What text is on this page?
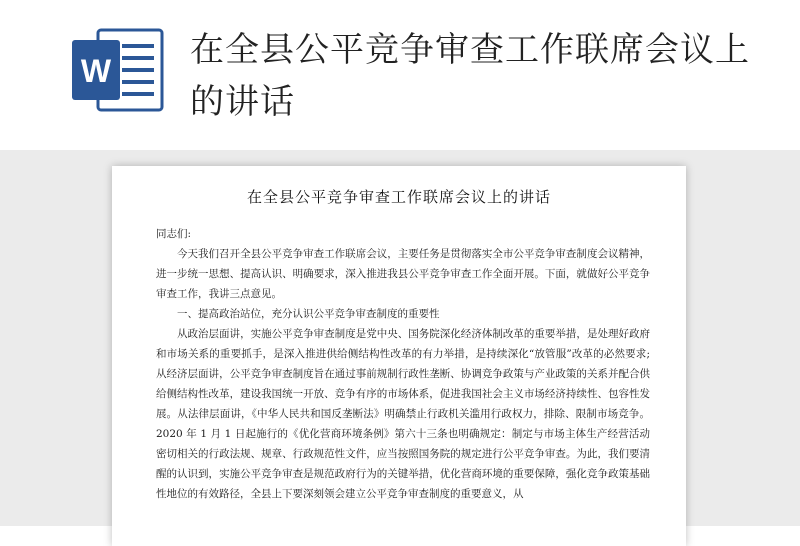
W
在全县公平竞争审查工作联席会议上的讲话
在全县公平竞争审查工作联席会议上的讲话

同志们:

今天我们召开全县公平竞争审查工作联席会议，主要任务是贯彻落实全市公平竞争审查制度会议精神，进一步统一思想、提高认识、明确要求，深入推进我县公平竞争审查工作全面开展。下面，就做好公平竞争审查工作，我讲三点意见。

一、提高政治站位，充分认识公平竞争审查制度的重要性

从政治层面讲，实施公平竞争审查制度是党中央、国务院深化经济体制改革的重要举措，是处理好政府和市场关系的重要抓手，是深入推进供给侧结构性改革的有力举措，是持续深化“放管服”改革的必然要求;从经济层面讲，公平竞争审查制度旨在通过事前规制行政性垄断、协调竞争政策与产业政策的关系并配合供给侧结构性改革，建设我国统一开放、竞争有序的市场体系，促进我国社会主义市场经济持续性、包容性发展。从法律层面讲，《中华人民共和国反垄断法》明确禁止行政机关滥用行政权力，排除、限制市场竞争。2020 年 1 月 1 日起施行的《优化营商环境条例》第六十三条也明确规定：制定与市场主体生产经营活动密切相关的行政法规、规章、行政规范性文件，应当按照国务院的规定进行公平竞争审查。为此，我们要清醒的认识到，实施公平竞争审查是规范政府行为的关键举措，优化营商环境的重要保障，强化竞争政策基础性地位的有效路径，全县上下要深刻领会建立公平竞争审查制度的重要意义，从
